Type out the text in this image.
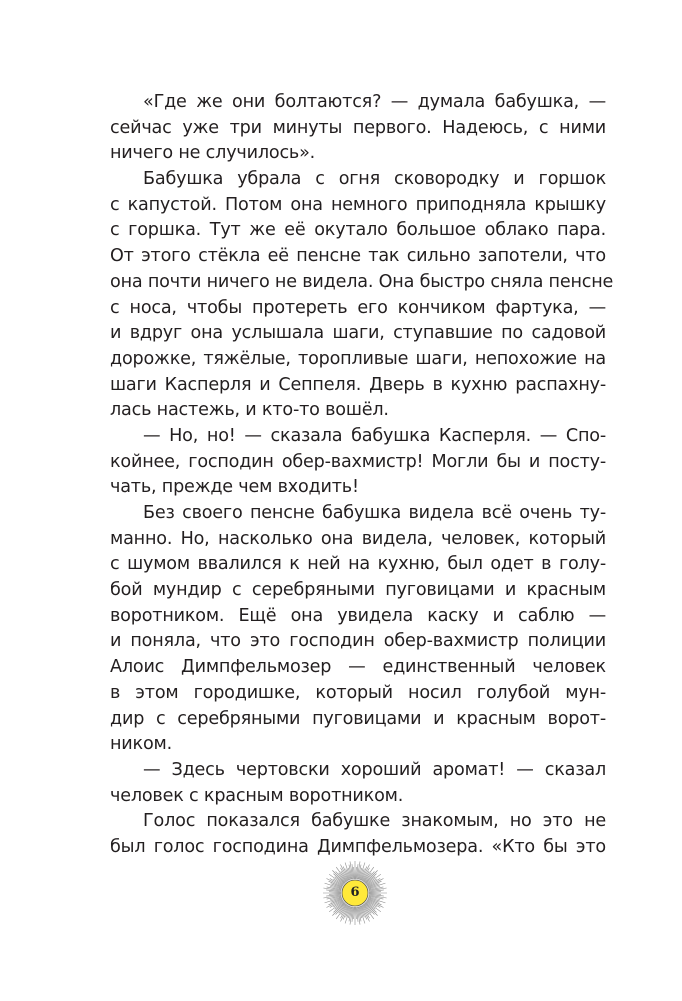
«Где же они болтаются? — думала бабушка, —
сейчас уже три минуты первого. Надеюсь, с ними
ничего не случилось».
Бабушка убрала с огня сковородку и горшок
с капустой. Потом она немного приподняла крышку
с горшка. Тут же её окутало большое облако пара.
От этого стёкла её пенсне так сильно запотели, что
она почти ничего не видела. Она быстро сняла пенсне
с носа, чтобы протереть его кончиком фартука, —
и вдруг она услышала шаги, ступавшие по садовой
дорожке, тяжёлые, торопливые шаги, непохожие на
шаги Касперля и Сеппеля. Дверь в кухню распахну-
лась настежь, и кто-то вошёл.
— Но, но! — сказала бабушка Касперля. — Спо-
койнее, господин обер-вахмистр! Могли бы и посту-
чать, прежде чем входить!
Без своего пенсне бабушка видела всё очень ту-
манно. Но, насколько она видела, человек, который
с шумом ввалился к ней на кухню, был одет в голу-
бой мундир с серебряными пуговицами и красным
воротником. Ещё она увидела каску и саблю —
и поняла, что это господин обер-вахмистр полиции
Алоис Димпфельмозер — единственный человек
в этом городишке, который носил голубой мун-
дир с серебряными пуговицами и красным ворот-
ником.
— Здесь чертовски хороший аромат! — сказал
человек с красным воротником.
Голос показался бабушке знакомым, но это не
был голос господина Димпфельмозера. «Кто бы это
6
